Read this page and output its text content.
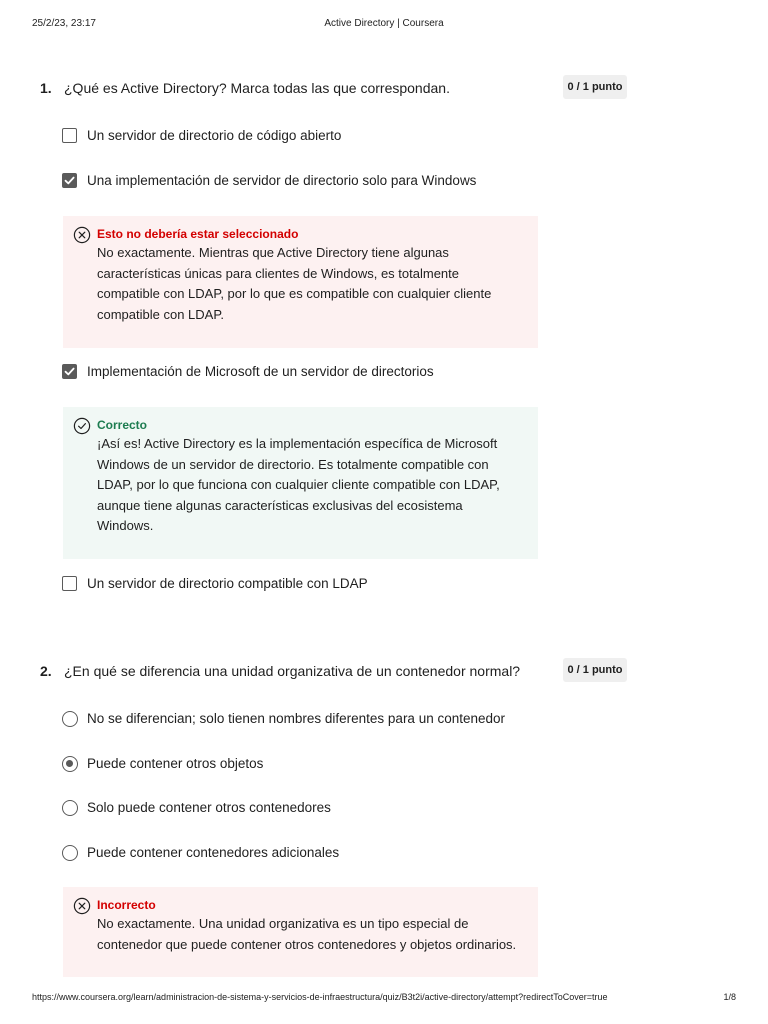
25/2/23, 23:17	Active Directory | Coursera
1. ¿Qué es Active Directory? Marca todas las que correspondan.	0 / 1 punto
Un servidor de directorio de código abierto
Una implementación de servidor de directorio solo para Windows
Esto no debería estar seleccionado
No exactamente. Mientras que Active Directory tiene algunas
características únicas para clientes de Windows, es totalmente
compatible con LDAP, por lo que es compatible con cualquier cliente
compatible con LDAP.
Implementación de Microsoft de un servidor de directorios
Correcto
¡Así es! Active Directory es la implementación específica de Microsoft
Windows de un servidor de directorio. Es totalmente compatible con
LDAP, por lo que funciona con cualquier cliente compatible con LDAP,
aunque tiene algunas características exclusivas del ecosistema
Windows.
Un servidor de directorio compatible con LDAP
2. ¿En qué se diferencia una unidad organizativa de un contenedor normal?	0 / 1 punto
No se diferencian; solo tienen nombres diferentes para un contenedor
Puede contener otros objetos
Solo puede contener otros contenedores
Puede contener contenedores adicionales
Incorrecto
No exactamente. Una unidad organizativa es un tipo especial de
contenedor que puede contener otros contenedores y objetos ordinarios.
https://www.coursera.org/learn/administracion-de-sistema-y-servicios-de-infraestructura/quiz/B3t2i/active-directory/attempt?redirectToCover=true	1/8
